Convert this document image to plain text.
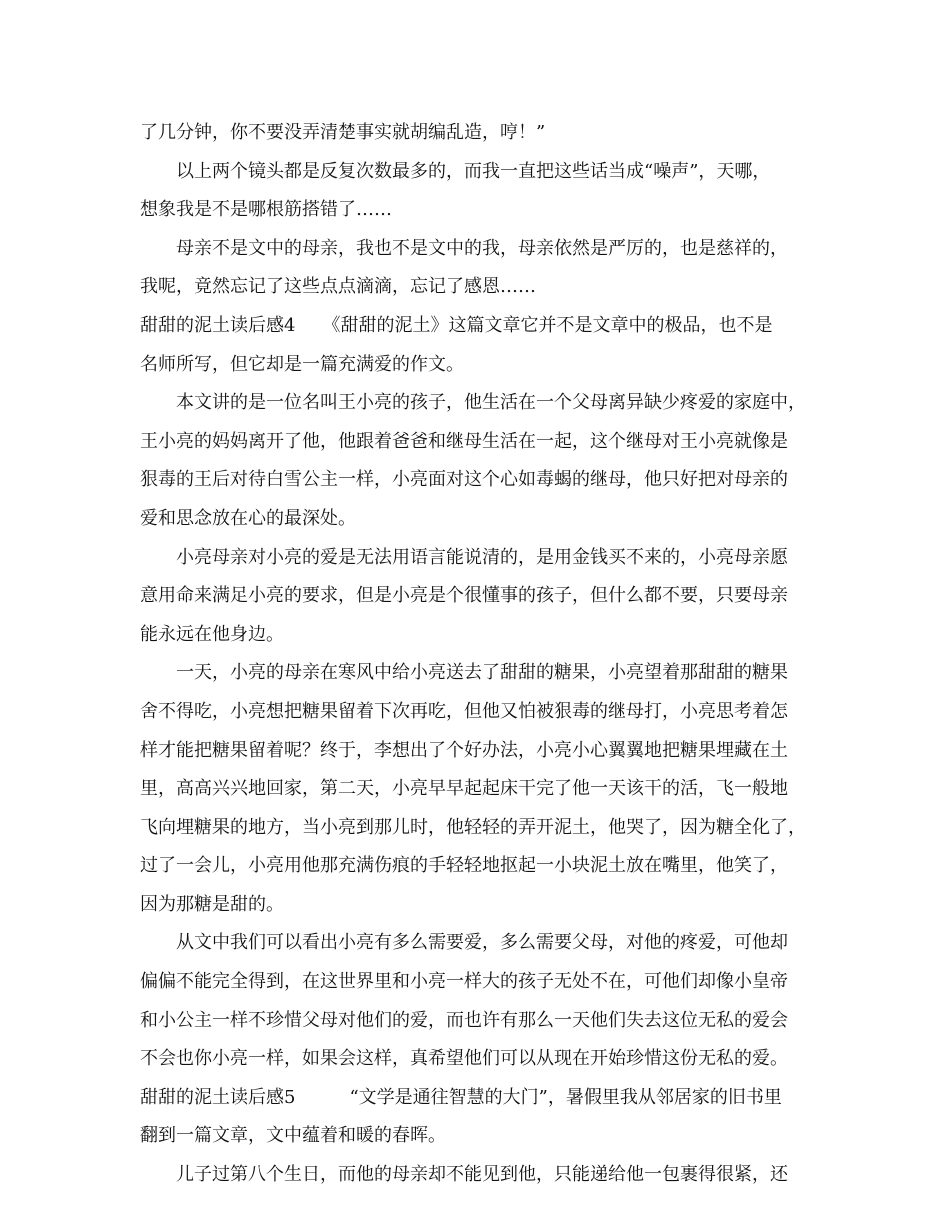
了几分钟，你不要没弄清楚事实就胡编乱造，哼！”
以上两个镜头都是反复次数最多的，而我一直把这些话当成“噪声”，天哪，
想象我是不是哪根筋搭错了……
母亲不是文中的母亲，我也不是文中的我，母亲依然是严厉的，也是慈祥的，
我呢，竟然忘记了这些点点滴滴，忘记了感恩……
甜甜的泥土读后感4　　《甜甜的泥土》这篇文章它并不是文章中的极品，也不是
名师所写，但它却是一篇充满爱的作文。
本文讲的是一位名叫王小亮的孩子，他生活在一个父母离异缺少疼爱的家庭中，
王小亮的妈妈离开了他，他跟着爸爸和继母生活在一起，这个继母对王小亮就像是
狠毒的王后对待白雪公主一样，小亮面对这个心如毒蝎的继母，他只好把对母亲的
爱和思念放在心的最深处。
小亮母亲对小亮的爱是无法用语言能说清的，是用金钱买不来的，小亮母亲愿
意用命来满足小亮的要求，但是小亮是个很懂事的孩子，但什么都不要，只要母亲
能永远在他身边。
一天，小亮的母亲在寒风中给小亮送去了甜甜的糖果，小亮望着那甜甜的糖果
舍不得吃，小亮想把糖果留着下次再吃，但他又怕被狠毒的继母打，小亮思考着怎
样才能把糖果留着呢？终于，李想出了个好办法，小亮小心翼翼地把糖果埋藏在土
里，高高兴兴地回家，第二天，小亮早早起起床干完了他一天该干的活，飞一般地
飞向埋糖果的地方，当小亮到那儿时，他轻轻的弄开泥土，他哭了，因为糖全化了，
过了一会儿，小亮用他那充满伤痕的手轻轻地抠起一小块泥土放在嘴里，他笑了，
因为那糖是甜的。
从文中我们可以看出小亮有多么需要爱，多么需要父母，对他的疼爱，可他却
偏偏不能完全得到，在这世界里和小亮一样大的孩子无处不在，可他们却像小皇帝
和小公主一样不珍惜父母对他们的爱，而也许有那么一天他们失去这位无私的爱会
不会也你小亮一样，如果会这样，真希望他们可以从现在开始珍惜这份无私的爱。
甜甜的泥土读后感5　　　“文学是通往智慧的大门”，暑假里我从邻居家的旧书里
翻到一篇文章，文中蕴着和暖的春晖。
儿子过第八个生日，而他的母亲却不能见到他，只能递给他一包裹得很紧，还
